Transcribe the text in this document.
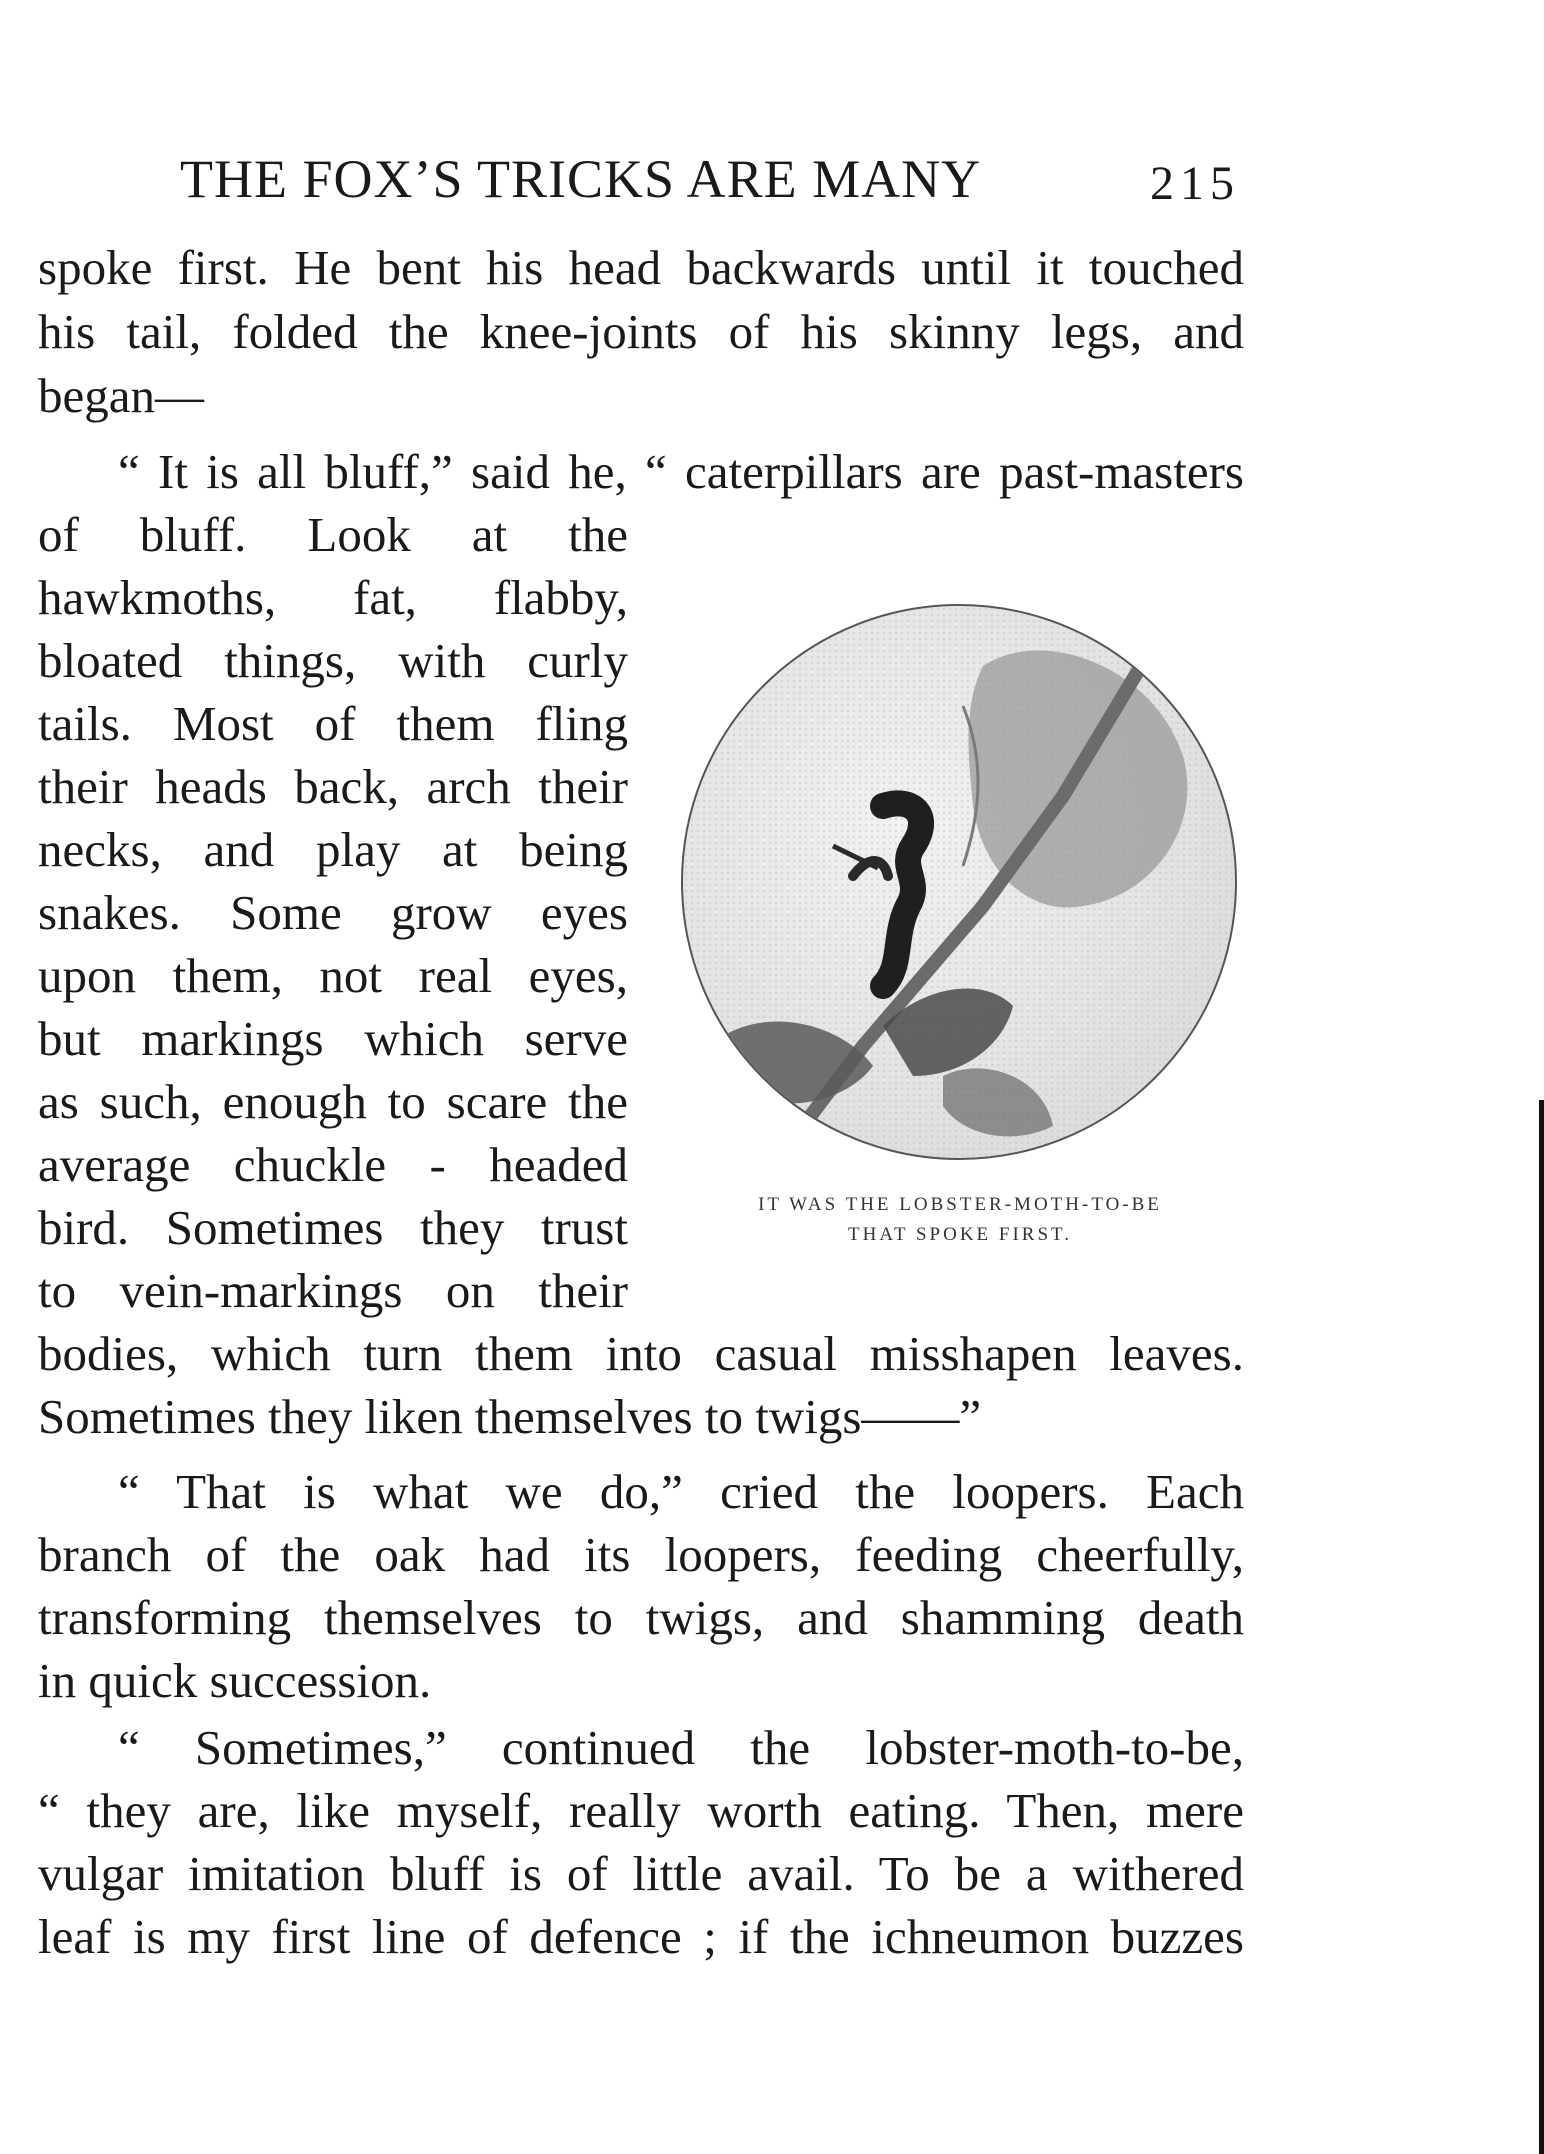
THE FOX’S TRICKS ARE MANY	215
spoke first. He bent his head backwards until it touched
his tail, folded the knee-joints of his skinny legs, and
began—
“ It is all bluff,” said he, “ caterpillars are past-masters
of bluff. Look at the
hawkmoths, fat, flabby,
bloated things, with curly
tails. Most of them fling
their heads back, arch their
necks, and play at being
snakes. Some grow eyes
upon them, not real eyes,
but markings which serve
as such, enough to scare the
average chuckle - headed
bird. Sometimes they trust
to vein-markings on their
bodies, which turn them into casual misshapen leaves.
Sometimes they liken themselves to twigs——”
“ That is what we do,” cried the loopers. Each
branch of the oak had its loopers, feeding cheerfully,
transforming themselves to twigs, and shamming death
in quick succession.
“ Sometimes,” continued the lobster-moth-to-be,
“ they are, like myself, really worth eating. Then, mere
vulgar imitation bluff is of little avail. To be a withered
leaf is my first line of defence ; if the ichneumon buzzes
IT WAS THE LOBSTER-MOTH-TO-BE
THAT SPOKE FIRST.
